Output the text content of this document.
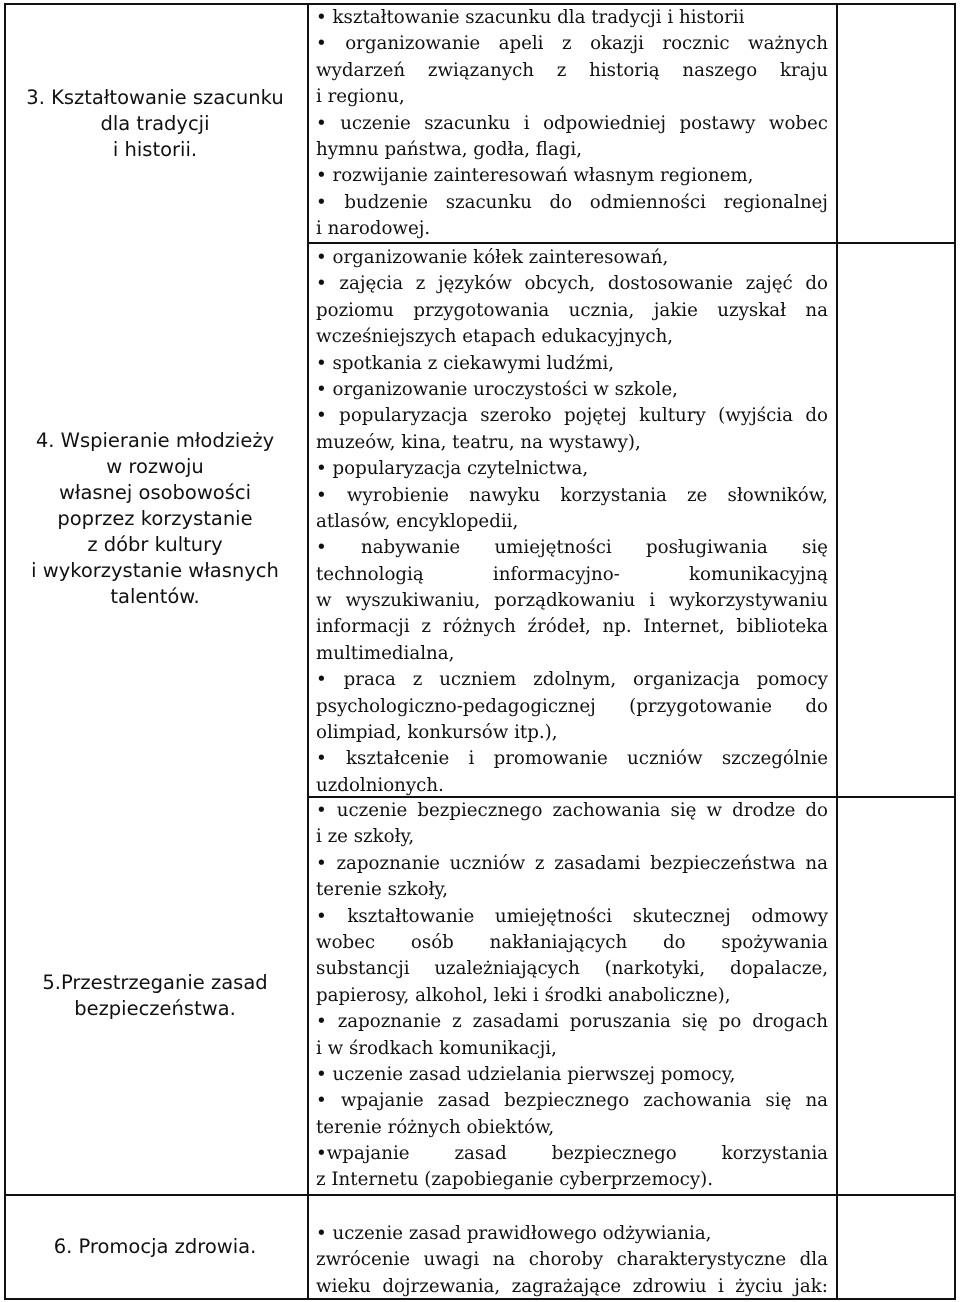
3. Kształtowanie szacunku
dla tradycji
i historii.
4. Wspieranie młodzieży
w rozwoju
własnej osobowości
poprzez korzystanie
z dóbr kultury
i wykorzystanie własnych
talentów.
5.Przestrzeganie zasad
bezpieczeństwa.
6. Promocja zdrowia.
• kształtowanie szacunku dla tradycji i historii
• organizowanie apeli z okazji rocznic ważnych
wydarzeń związanych z historią naszego kraju
i regionu,
• uczenie szacunku i odpowiedniej postawy wobec
hymnu państwa, godła, flagi,
• rozwijanie zainteresowań własnym regionem,
• budzenie szacunku do odmienności regionalnej
i narodowej.
• organizowanie kółek zainteresowań,
• zajęcia z języków obcych, dostosowanie zajęć do
poziomu przygotowania ucznia, jakie uzyskał na
wcześniejszych etapach edukacyjnych,
• spotkania z ciekawymi ludźmi,
• organizowanie uroczystości w szkole,
• popularyzacja szeroko pojętej kultury (wyjścia do
muzeów, kina, teatru, na wystawy),
• popularyzacja czytelnictwa,
• wyrobienie nawyku korzystania ze słowników,
atlasów, encyklopedii,
• nabywanie umiejętności posługiwania się
technologią	informacyjno-	komunikacyjną
w wyszukiwaniu, porządkowaniu i wykorzystywaniu
informacji z różnych źródeł, np. Internet, biblioteka
multimedialna,
• praca z uczniem zdolnym, organizacja pomocy
psychologiczno-pedagogicznej (przygotowanie do
olimpiad, konkursów itp.),
• kształcenie i promowanie uczniów szczególnie
uzdolnionych.
• uczenie bezpiecznego zachowania się w drodze do
i ze szkoły,
• zapoznanie uczniów z zasadami bezpieczeństwa na
terenie szkoły,
• kształtowanie umiejętności skutecznej odmowy
wobec osób nakłaniających do spożywania
substancji uzależniających (narkotyki, dopalacze,
papierosy, alkohol, leki i środki anaboliczne),
• zapoznanie z zasadami poruszania się po drogach
i w środkach komunikacji,
• uczenie zasad udzielania pierwszej pomocy,
• wpajanie zasad bezpiecznego zachowania się na
terenie różnych obiektów,
•wpajanie zasad bezpiecznego korzystania
z Internetu (zapobieganie cyberprzemocy).
• uczenie zasad prawidłowego odżywiania,
zwrócenie uwagi na choroby charakterystyczne dla
wieku dojrzewania, zagrażające zdrowiu i życiu jak:
